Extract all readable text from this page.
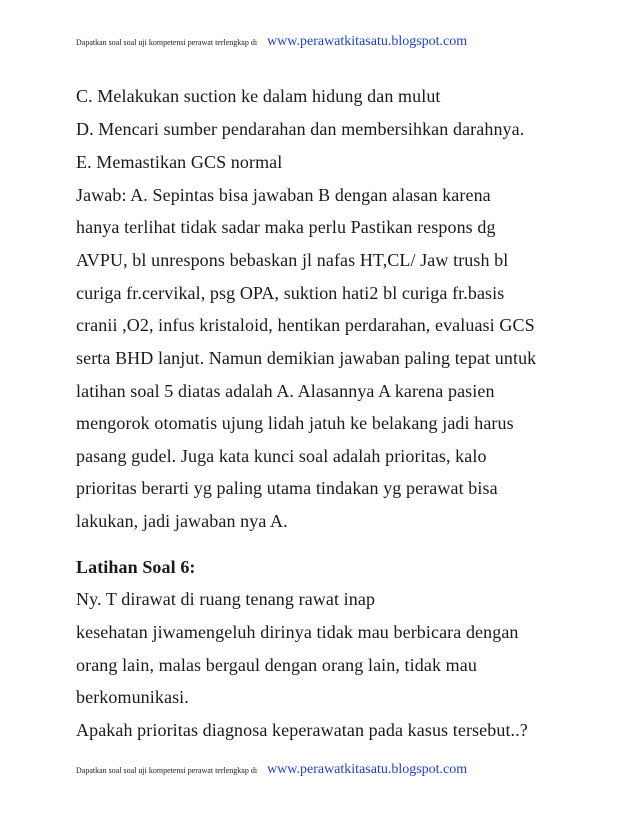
Dapatkan soal soal uji kompetensi perawat terlengkap di www.perawatkitasatu.blogspot.com
C. Melakukan suction ke dalam hidung dan mulut
D. Mencari sumber pendarahan dan membersihkan darahnya.
E. Memastikan GCS normal
Jawab: A. Sepintas bisa jawaban B dengan alasan karena
hanya terlihat tidak sadar maka perlu Pastikan respons dg
AVPU, bl unrespons bebaskan jl nafas HT,CL/ Jaw trush bl
curiga fr.cervikal, psg OPA, suktion hati2 bl curiga fr.basis
cranii ,O2, infus kristaloid, hentikan perdarahan, evaluasi GCS
serta BHD lanjut. Namun demikian jawaban paling tepat untuk
latihan soal 5 diatas adalah A. Alasannya A karena pasien
mengorok otomatis ujung lidah jatuh ke belakang jadi harus
pasang gudel. Juga kata kunci soal adalah prioritas, kalo
prioritas berarti yg paling utama tindakan yg perawat bisa
lakukan, jadi jawaban nya A.
Latihan Soal 6:
Ny. T dirawat di ruang tenang rawat inap
kesehatan jiwamengeluh dirinya tidak mau berbicara dengan
orang lain, malas bergaul dengan orang lain, tidak mau
berkomunikasi.
Apakah prioritas diagnosa keperawatan pada kasus tersebut..?
Dapatkan soal soal uji kompetensi perawat terlengkap di www.perawatkitasatu.blogspot.com
